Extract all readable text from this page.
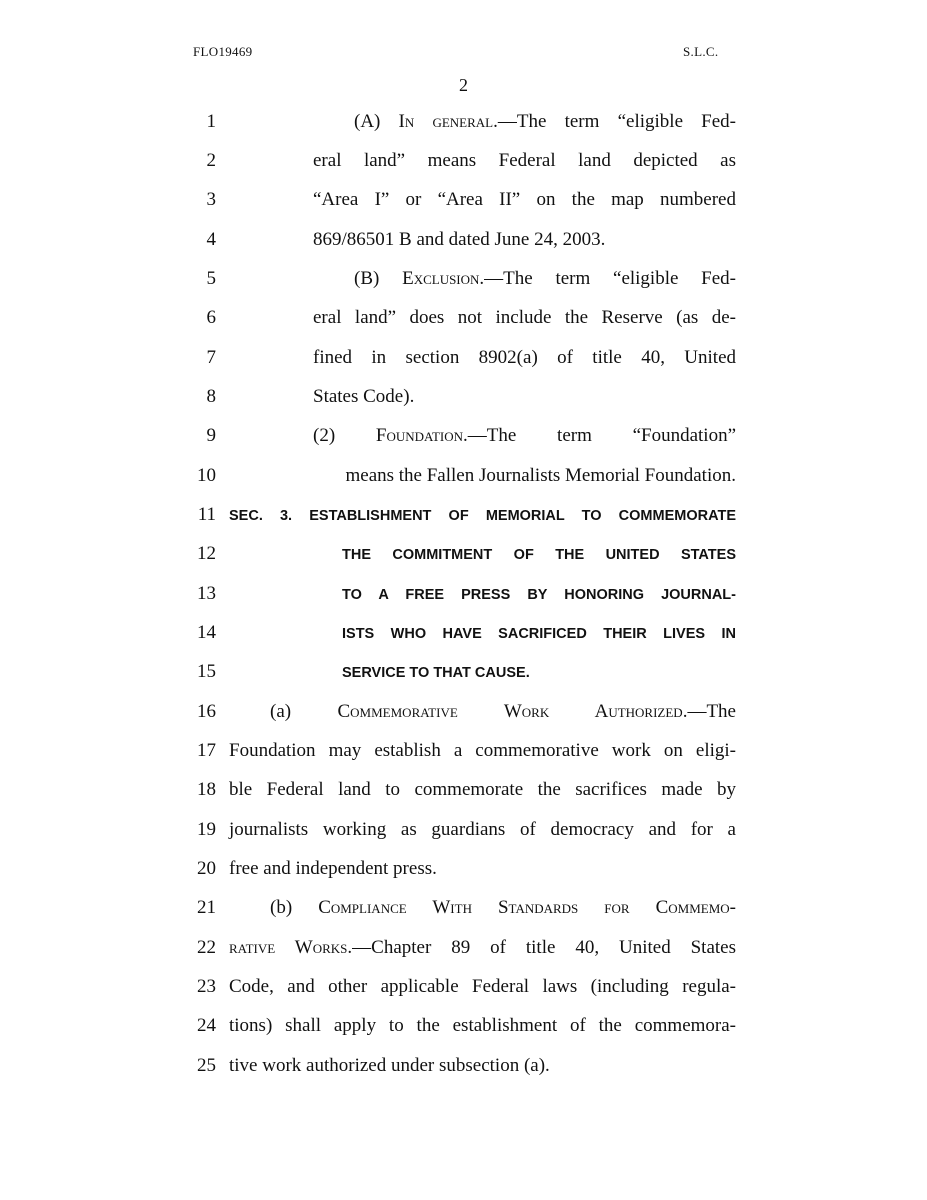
FLO19469	S.L.C.
2
1
2
3
4
5
6
7
8
9
10
11
12
13
14
15
16
17
18
19
20
21
22
23
24
25
(A) In general.—The term “eligible Fed-
eral land” means Federal land depicted as
“Area I” or “Area II” on the map numbered
869/86501 B and dated June 24, 2003.
(B) Exclusion.—The term “eligible Fed-
eral land” does not include the Reserve (as de-
fined in section 8902(a) of title 40, United
States Code).
(2) Foundation.—The term “Foundation”
means the Fallen Journalists Memorial Foundation.
SEC. 3. ESTABLISHMENT OF MEMORIAL TO COMMEMORATE
THE COMMITMENT OF THE UNITED STATES
TO A FREE PRESS BY HONORING JOURNAL-
ISTS WHO HAVE SACRIFICED THEIR LIVES IN
SERVICE TO THAT CAUSE.
(a) Commemorative Work Authorized.—The
Foundation may establish a commemorative work on eligi-
ble Federal land to commemorate the sacrifices made by
journalists working as guardians of democracy and for a
free and independent press.
(b) Compliance With Standards for Commemo-
rative Works.—Chapter 89 of title 40, United States
Code, and other applicable Federal laws (including regula-
tions) shall apply to the establishment of the commemora-
tive work authorized under subsection (a).
